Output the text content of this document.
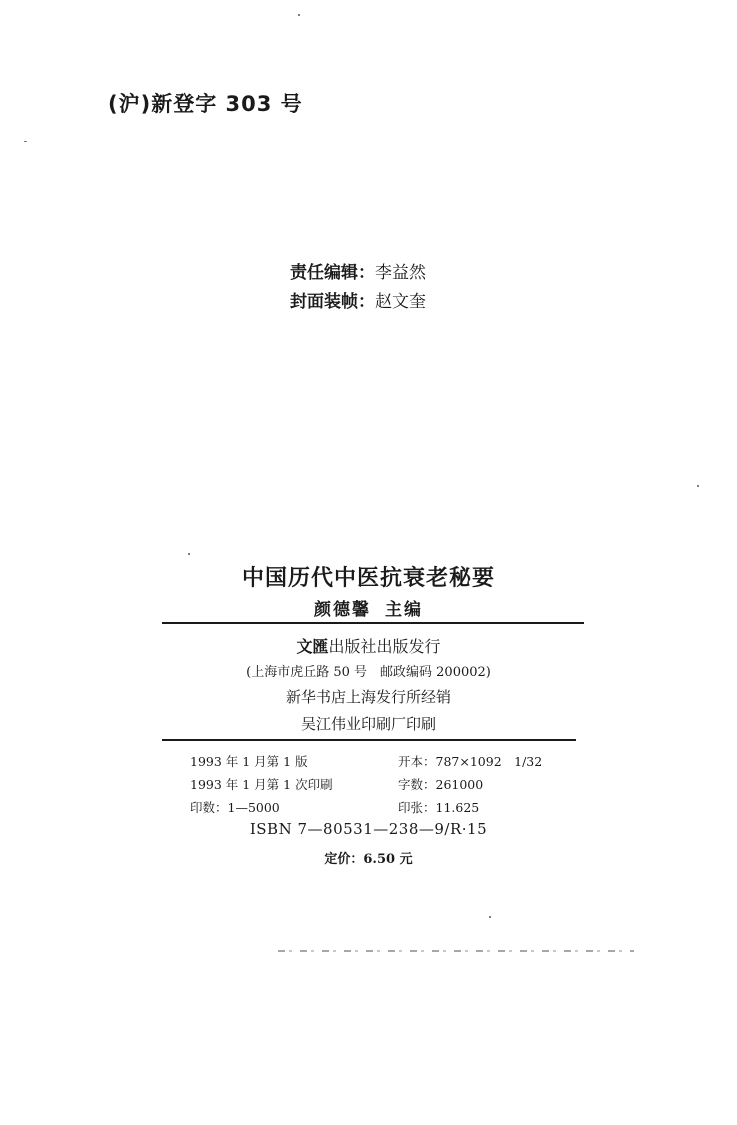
(沪)新登字 303 号
责任编辑：李益然
封面装帧：赵文奎
中国历代中医抗衰老秘要
颜德馨 主编
文匯出版社出版发行
(上海市虎丘路 50 号　邮政编码 200002)
新华书店上海发行所经销
吴江伟业印刷厂印刷
1993 年 1 月第 1 版	开本：787×1092　1/32
1993 年 1 月第 1 次印刷	字数：261000
印数：1—5000	印张：11.625
ISBN 7—80531—238—9/R·15
定价：6.50 元
